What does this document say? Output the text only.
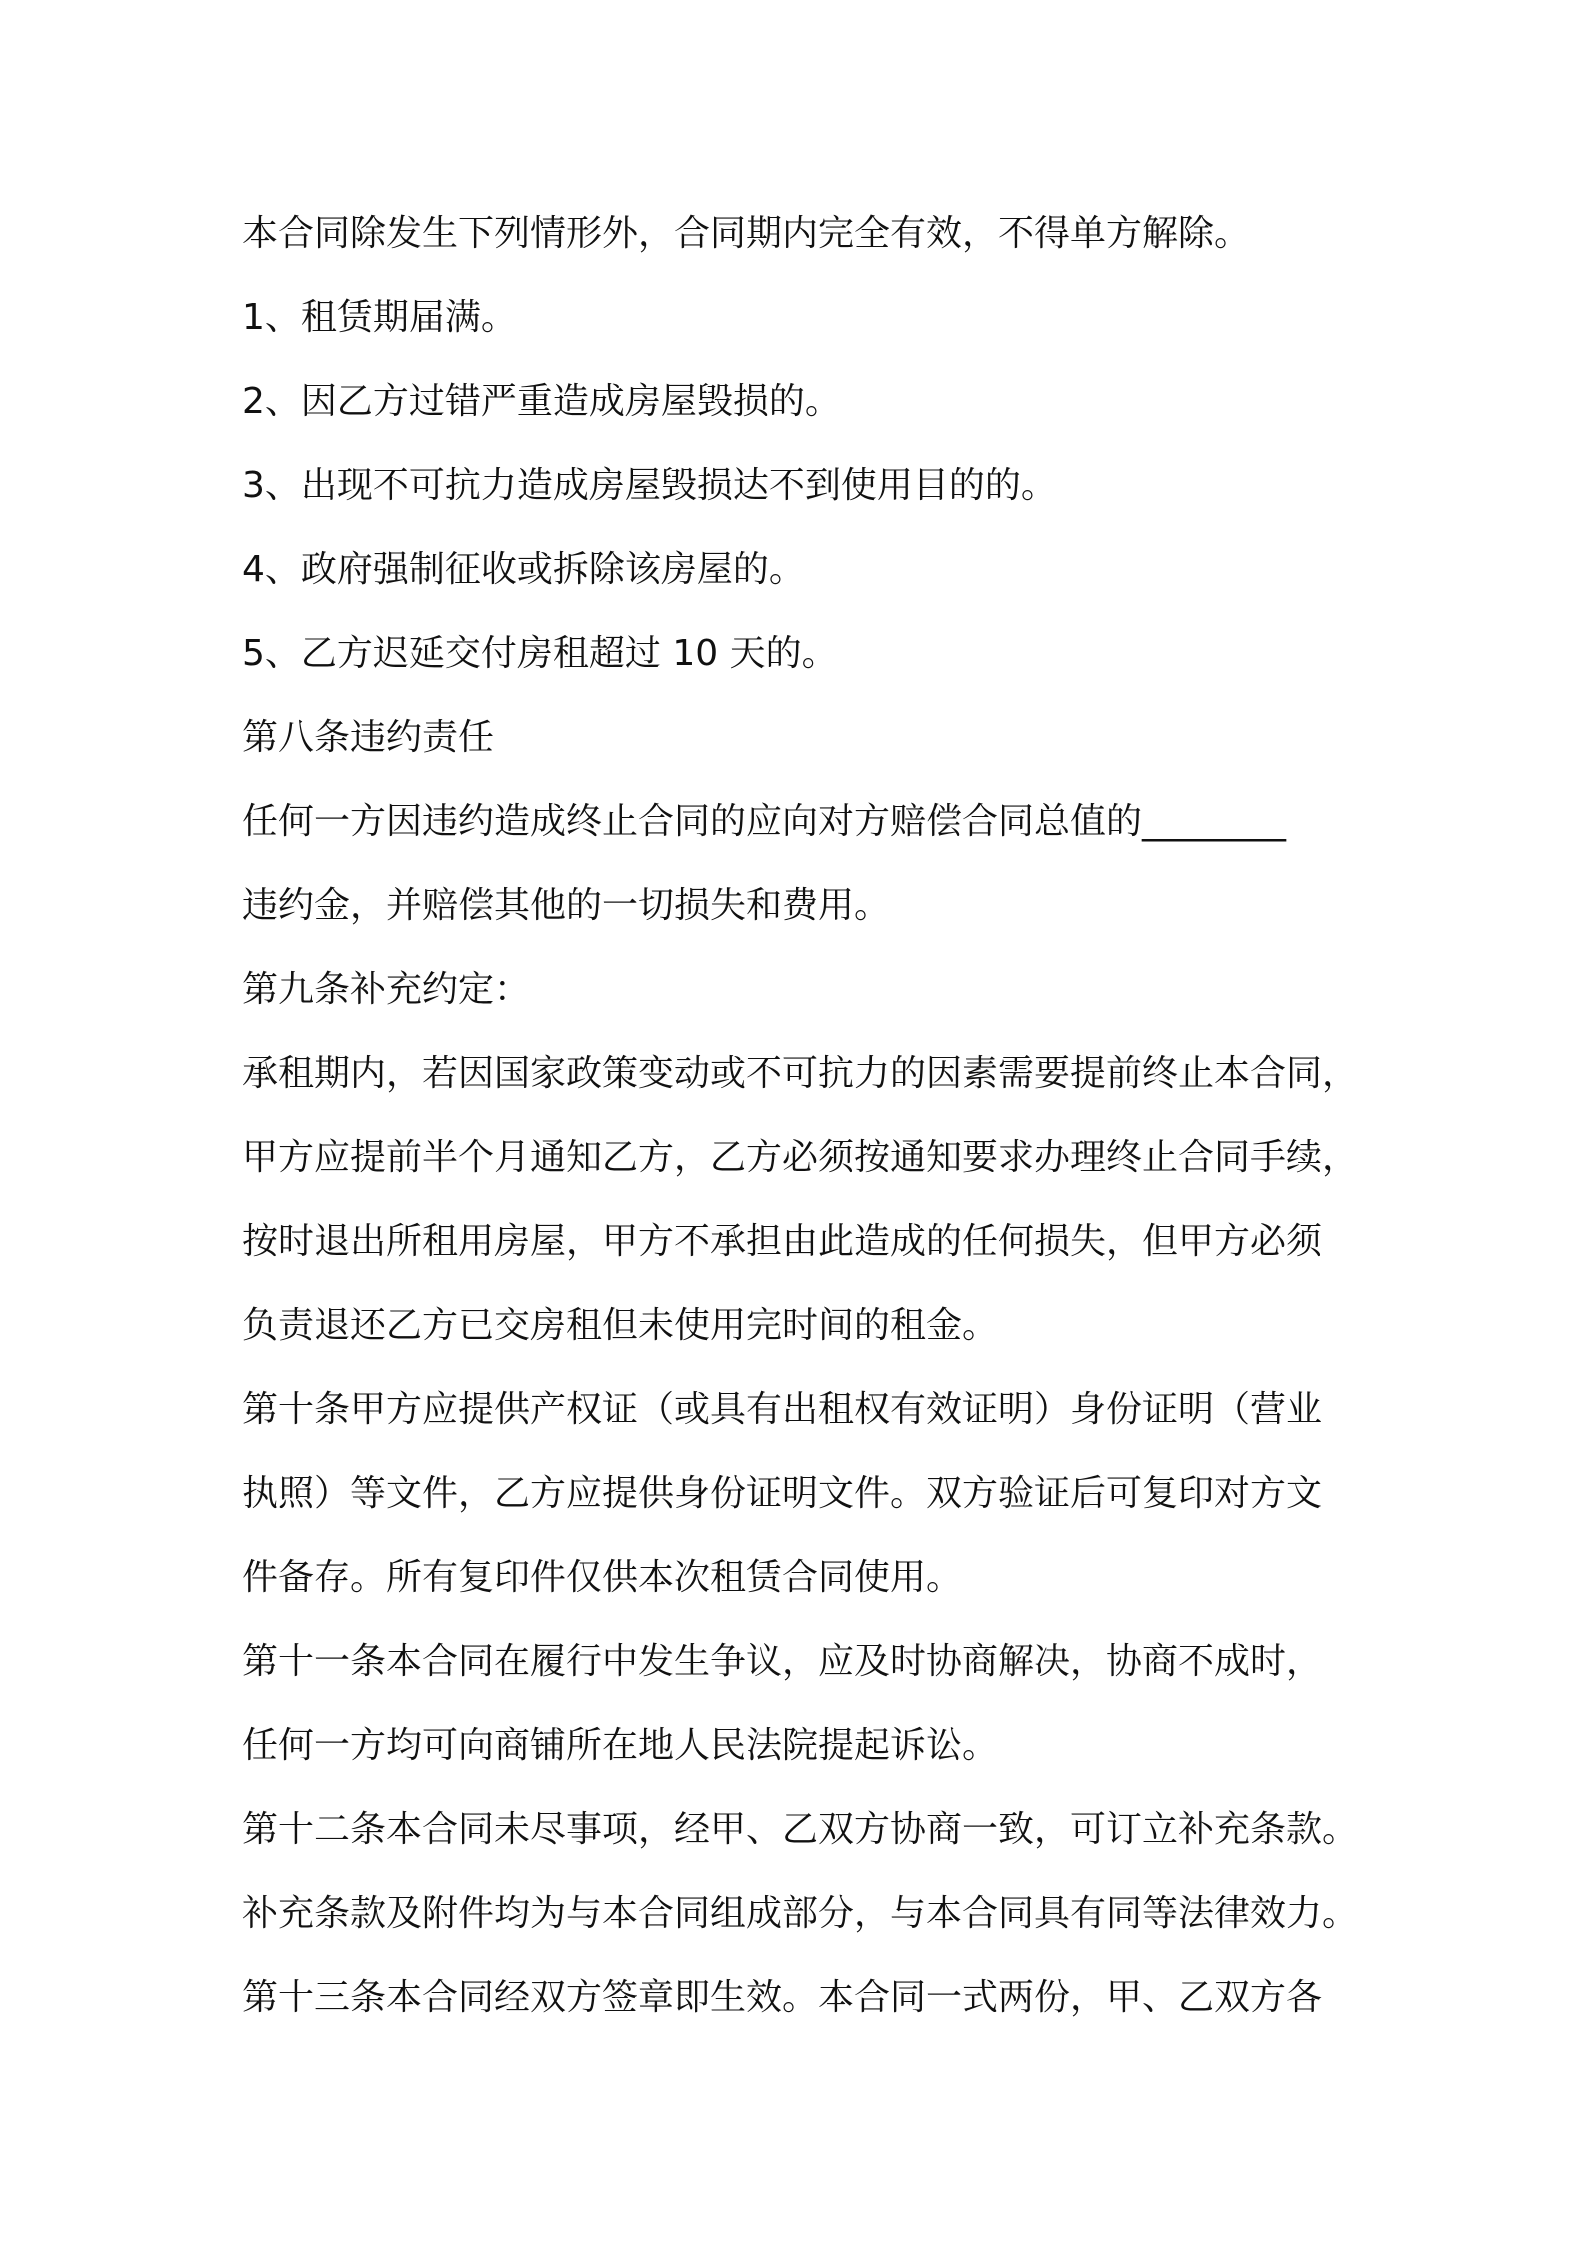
本合同除发生下列情形外，合同期内完全有效，不得单方解除。
1、租赁期届满。
2、因乙方过错严重造成房屋毁损的。
3、出现不可抗力造成房屋毁损达不到使用目的的。
4、政府强制征收或拆除该房屋的。
5、乙方迟延交付房租超过 10 天的。
第八条违约责任
任何一方因违约造成终止合同的应向对方赔偿合同总值的________
违约金，并赔偿其他的一切损失和费用。
第九条补充约定：
承租期内，若因国家政策变动或不可抗力的因素需要提前终止本合同，
甲方应提前半个月通知乙方，乙方必须按通知要求办理终止合同手续，
按时退出所租用房屋，甲方不承担由此造成的任何损失，但甲方必须
负责退还乙方已交房租但未使用完时间的租金。
第十条甲方应提供产权证（或具有出租权有效证明）身份证明（营业
执照）等文件，乙方应提供身份证明文件。双方验证后可复印对方文
件备存。所有复印件仅供本次租赁合同使用。
第十一条本合同在履行中发生争议，应及时协商解决，协商不成时，
任何一方均可向商铺所在地人民法院提起诉讼。
第十二条本合同未尽事项，经甲、乙双方协商一致，可订立补充条款。
补充条款及附件均为与本合同组成部分，与本合同具有同等法律效力。
第十三条本合同经双方签章即生效。本合同一式两份，甲、乙双方各
